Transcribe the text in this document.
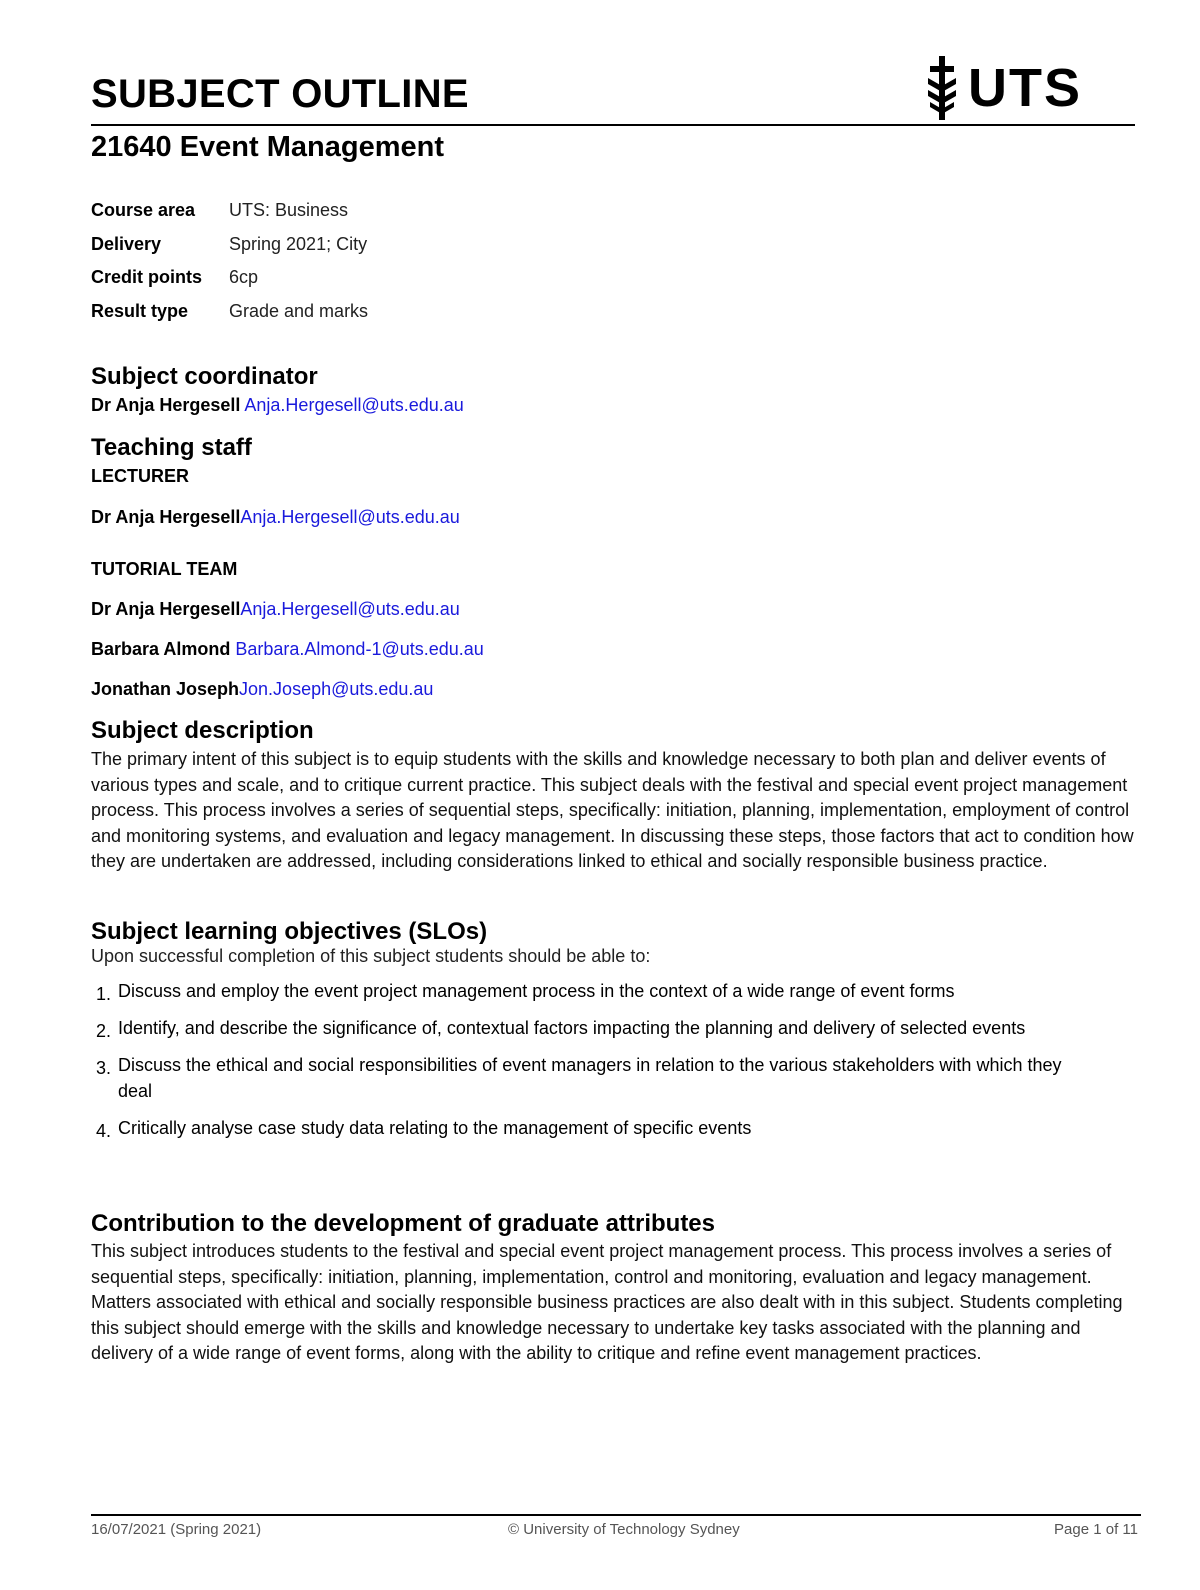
SUBJECT OUTLINE	UTS
21640 Event Management
Course area	UTS: Business
Delivery	Spring 2021; City
Credit points	6cp
Result type	Grade and marks
Subject coordinator
Dr Anja Hergesell Anja.Hergesell@uts.edu.au
Teaching staff
LECTURER
Dr Anja HergesellAnja.Hergesell@uts.edu.au
TUTORIAL TEAM
Dr Anja HergesellAnja.Hergesell@uts.edu.au
Barbara Almond Barbara.Almond-1@uts.edu.au
Jonathan JosephJon.Joseph@uts.edu.au
Subject description
The primary intent of this subject is to equip students with the skills and knowledge necessary to both plan and deliver events of various types and scale, and to critique current practice. This subject deals with the festival and special event project management process. This process involves a series of sequential steps, specifically: initiation, planning, implementation, employment of control and monitoring systems, and evaluation and legacy management. In discussing these steps, those factors that act to condition how they are undertaken are addressed, including considerations linked to ethical and socially responsible business practice.
Subject learning objectives (SLOs)
Upon successful completion of this subject students should be able to:
1. Discuss and employ the event project management process in the context of a wide range of event forms
2. Identify, and describe the significance of, contextual factors impacting the planning and delivery of selected events
3. Discuss the ethical and social responsibilities of event managers in relation to the various stakeholders with which they deal
4. Critically analyse case study data relating to the management of specific events
Contribution to the development of graduate attributes
This subject introduces students to the festival and special event project management process. This process involves a series of sequential steps, specifically: initiation, planning, implementation, control and monitoring, evaluation and legacy management. Matters associated with ethical and socially responsible business practices are also dealt with in this subject. Students completing this subject should emerge with the skills and knowledge necessary to undertake key tasks associated with the planning and delivery of a wide range of event forms, along with the ability to critique and refine event management practices.
16/07/2021 (Spring 2021)	© University of Technology Sydney	Page 1 of 11
